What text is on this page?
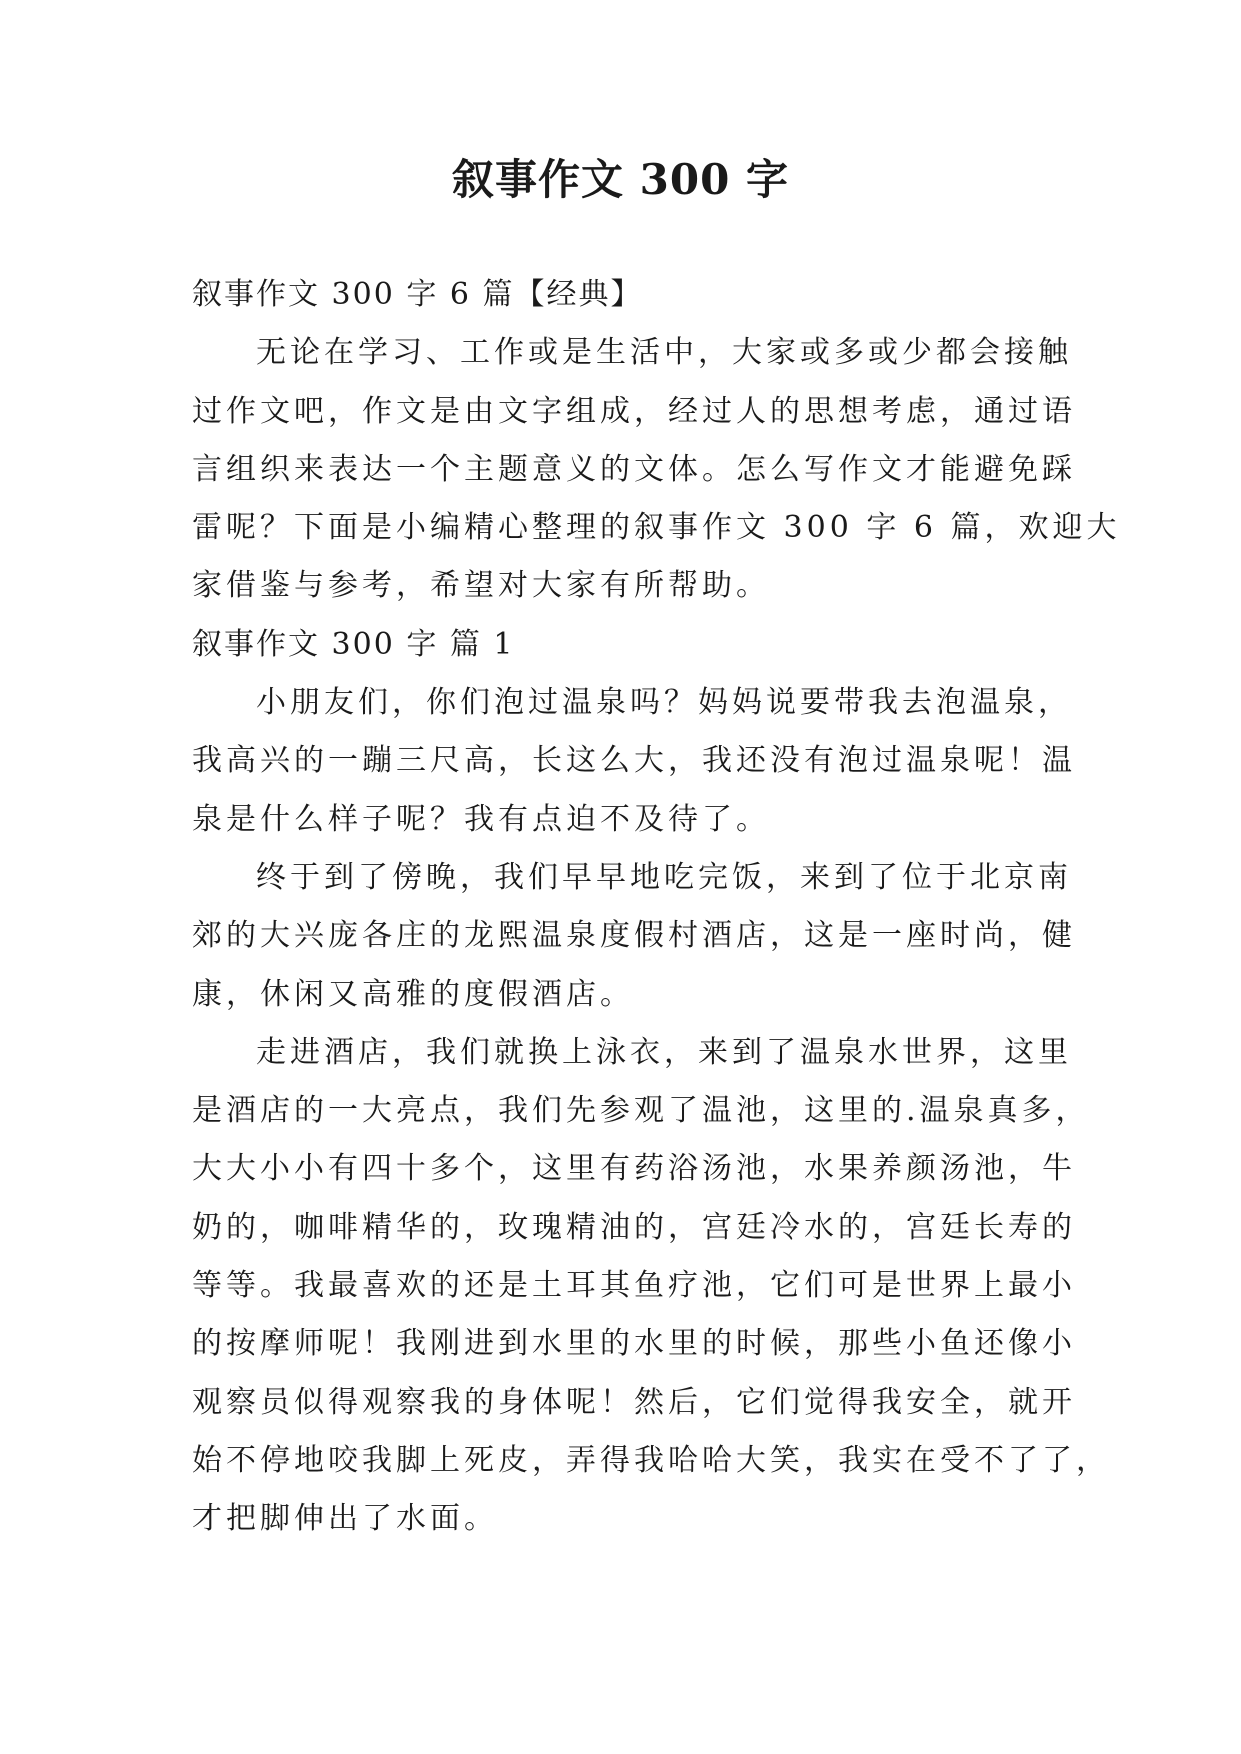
叙事作文 300 字

叙事作文 300 字 6 篇【经典】

无论在学习、工作或是生活中，大家或多或少都会接触

过作文吧，作文是由文字组成，经过人的思想考虑，通过语

言组织来表达一个主题意义的文体。怎么写作文才能避免踩

雷呢？下面是小编精心整理的叙事作文 300 字 6 篇，欢迎大

家借鉴与参考，希望对大家有所帮助。

叙事作文 300 字 篇 1

小朋友们，你们泡过温泉吗？妈妈说要带我去泡温泉，

我高兴的一蹦三尺高，长这么大，我还没有泡过温泉呢！温

泉是什么样子呢？我有点迫不及待了。

终于到了傍晚，我们早早地吃完饭，来到了位于北京南

郊的大兴庞各庄的龙熙温泉度假村酒店，这是一座时尚，健

康，休闲又高雅的度假酒店。

走进酒店，我们就换上泳衣，来到了温泉水世界，这里

是酒店的一大亮点，我们先参观了温池，这里的.温泉真多，

大大小小有四十多个，这里有药浴汤池，水果养颜汤池，牛

奶的，咖啡精华的，玫瑰精油的，宫廷冷水的，宫廷长寿的

等等。我最喜欢的还是土耳其鱼疗池，它们可是世界上最小

的按摩师呢！我刚进到水里的水里的时候，那些小鱼还像小

观察员似得观察我的身体呢！然后，它们觉得我安全，就开

始不停地咬我脚上死皮，弄得我哈哈大笑，我实在受不了了，

才把脚伸出了水面。
